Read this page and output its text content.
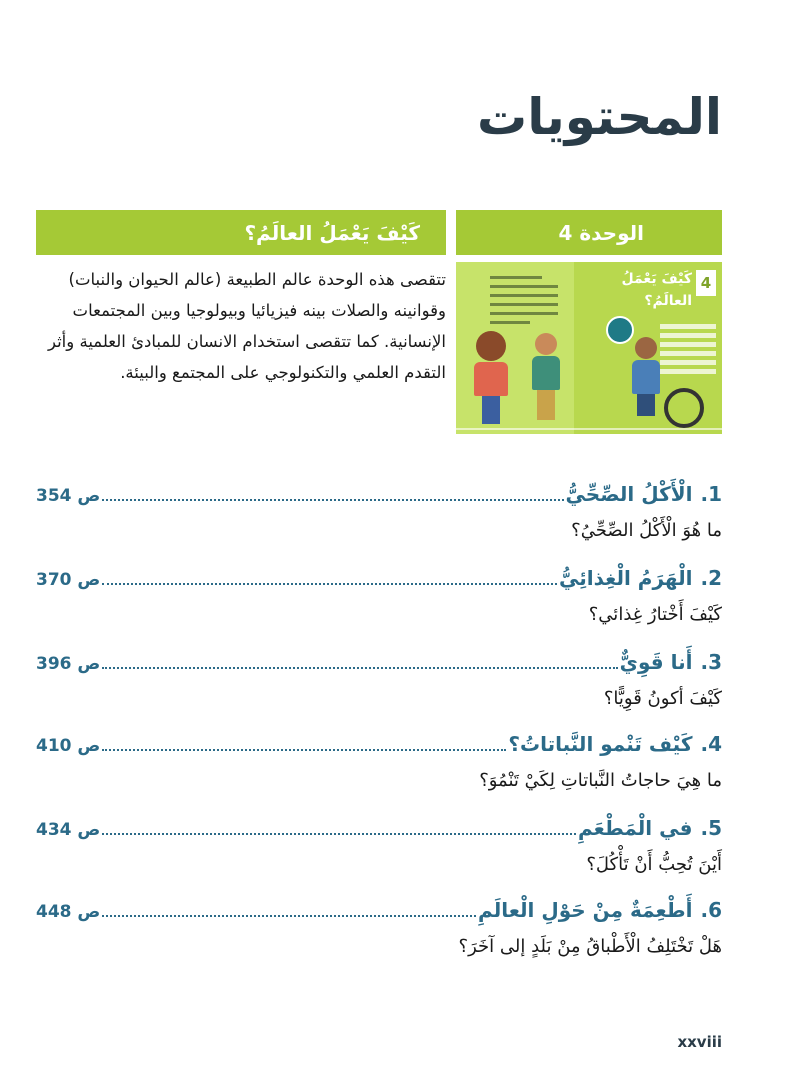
المحتويات
كَيْفَ يَعْمَلُ العالَمُ؟	الوحدة 4

تتقصى هذه الوحدة عالم الطبيعة (عالم الحيوان والنبات) وقوانينه والصلات بينه فيزيائيا وبيولوجيا وبين المجتمعات الإنسانية. كما تتقصى استخدام الانسان للمبادئ العلمية وأثر التقدم العلمي والتكنولوجي على المجتمع والبيئة.

4
كَيْفَ يَعْمَلُ
العالَمُ؟
1.
الْأَكْلُ الصِّحِّيُّ
ص 354
ما هُوَ الْأَكْلُ الصِّحِّيُ؟
2.
الْهَرَمُ الْغِذائِيُّ
ص 370
كَيْفَ أَخْتارُ غِذائي؟
3.
أَنا قَوِيٌّ
ص 396
كَيْفَ أكونُ قَوِيًّا؟
4.
كَيْف تَنْمو النَّباتاتُ؟
ص 410
ما هِيَ حاجاتُ النَّباتاتِ لِكَيْ تَنْمُوَ؟
5.
في الْمَطْعَمِ
ص 434
أَيْنَ تُحِبُّ أَنْ تَأْكُلَ؟
6.
أَطْعِمَةٌ مِنْ حَوْلِ الْعالَمِ
ص 448
هَلْ تَخْتَلِفُ الْأَطْباقُ مِنْ بَلَدٍ إلى آخَرَ؟
xxviii
